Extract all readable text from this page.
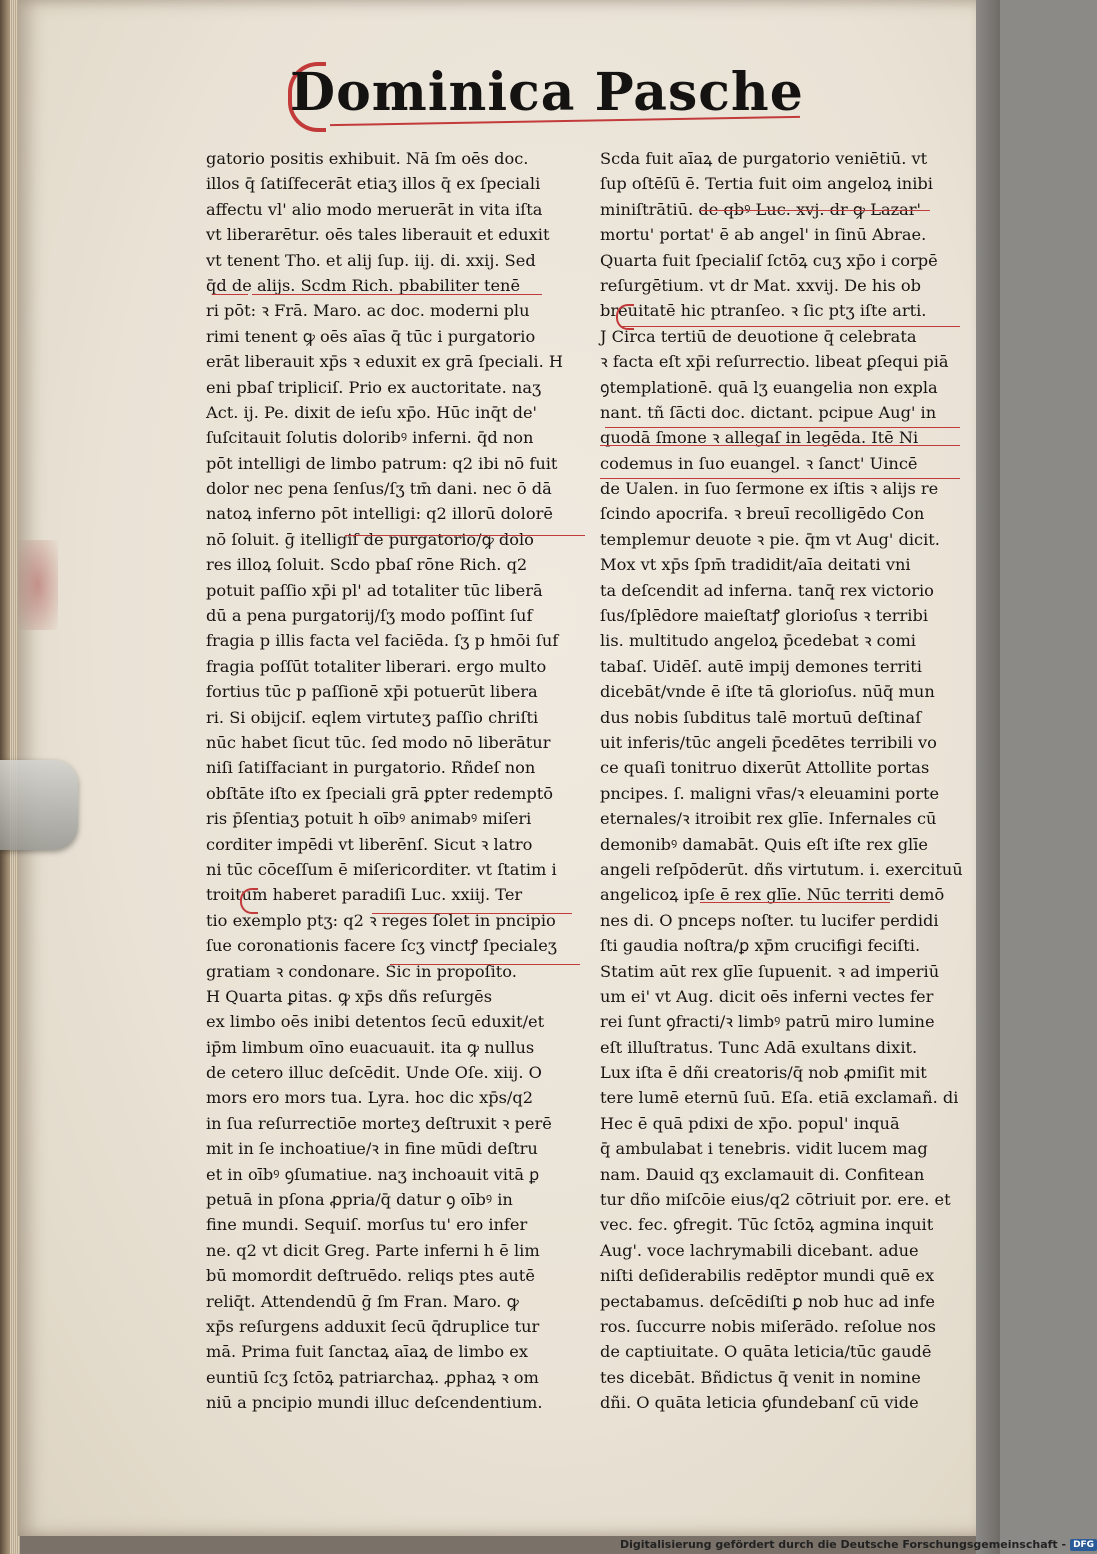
Dominica Pasche
gatorio positis exhibuit. Nā ſm oēs doc.
illos q̄ ſatiſfecerāt etiaʒ illos q̄ ex ſpeciali
affectu vl' alio modo meruerāt in vita iſta
vt liberarētur. oēs tales liberauit et eduxit
vt tenent Tho. et alij ſup. iij. di. xxij. Sed
q̄d de alijs. Scdm Rich. pbabiliter tenē
ri pōt: ꝛ Frā. Maro. ac doc. moderni plu
rimi tenent ꝙ oēs aīas q̄ tūc i purgatorio
erāt liberauit xp̄s ꝛ eduxit ex grā ſpeciali. H
eni pbaſ tripliciſ. Prio ex auctoritate. naʒ
Act. ij. Pe. dixit de ieſu xp̄o. Hūc inq̄t de'
ſuſcitauit ſolutis doloribꝰ inferni. q̄d non
pōt intelligi de limbo patrum: q2 ibi nō fuit
dolor nec pena ſenſus/ſʒ tm̄ dani. nec ō dā
natoꝝ inferno pōt intelligi: q2 illorū dolorē
nō ſoluit. ḡ itelligiſ de purgatorio/ꝙ dolo
res illoꝝ ſoluit. Scdo pbaſ rōne Rich. q2
potuit paſſio xp̄i pl' ad totaliter tūc liberā
dū a pena purgatorij/ſʒ modo poſſint ſuf
fragia p illis facta vel faciēda. ſʒ p hmōi ſuf
fragia poſſūt totaliter liberari. ergo multo
fortius tūc p paſſionē xp̄i potuerūt libera
ri. Si obijciſ. eqlem virtuteʒ paſſio chriſti
nūc habet ſicut tūc. ſed modo nō liberātur
niſi ſatiſfaciant in purgatorio. Rñdeſ non
obſtāte iſto ex ſpeciali grā ꝑpter redemptō
ris p̄ſentiaʒ potuit h oībꝰ animabꝰ miſeri
corditer impēdi vt liberēnſ. Sicut ꝛ latro
ni tūc cōceſſum ē miſericorditer. vt ſtatim i
troitum haberet paradiſi Luc. xxiij. Ter
tio exemplo ptʒ: q2 ꝛ reges ſolet in pncipio
ſue coronationis facere ſcʒ vinctꝭ ſpecialeʒ
gratiam ꝛ condonare. Sic in propoſito.
H Quarta ꝑitas. ꝙ xp̄s dñs reſurgēs
ex limbo oēs inibi detentos ſecū eduxit/et
ip̄m limbum oīno euacuauit. ita ꝙ nullus
de cetero illuc deſcēdit. Unde Oſe. xiij. O
mors ero mors tua. Lyra. hoc dic xp̄s/q2
in ſua reſurrectiōe morteʒ deſtruxit ꝛ perē
mit in ſe inchoatiue/ꝛ in fine mūdi deſtru
et in oībꝰ ꝯſumatiue. naʒ inchoauit vitā ꝑ
petuā in pſona ꝓpria/q̄ datur ꝯ oībꝰ in
fine mundi. Sequiſ. morſus tu' ero infer
ne. q2 vt dicit Greg. Parte inferni h ē lim
bū momordit deſtruēdo. reliqs ptes autē
reliq̄t. Attendendū ḡ ſm Fran. Maro. ꝙ
xp̄s reſurgens adduxit ſecū q̄druplice tur
mā. Prima fuit ſanctaꝝ aīaꝝ de limbo ex
euntiū ſcʒ ſctōꝝ patriarchaꝝ. ꝓphaꝝ ꝛ om
niū a pncipio mundi illuc deſcendentium.
Scda fuit aīaꝝ de purgatorio veniētiū. vt
ſup oſtēſū ē. Tertia fuit oim angeloꝝ inibi
miniſtrātiū. de qbꝰ Luc. xvj. dr ꝙ Lazar'
mortu' portat' ē ab angel' in ſinū Abrae.
Quarta fuit ſpecialiſ ſctōꝝ cuʒ xp̄o i corpē
reſurgētium. vt dr Mat. xxvij. De his ob
breuitatē hic ptranſeo. ꝛ ſic ptʒ iſte arti.
J Circa tertiū de deuotione q̄ celebrata
ꝛ facta eſt xp̄i reſurrectio. libeat ꝑſequi piā
ꝯtemplationē. quā lʒ euangelia non expla
nant. tñ ſācti doc. dictant. pcipue Aug' in
quodā ſmone ꝛ allegaſ in legēda. Itē Ni
codemus in ſuo euangel. ꝛ ſanct' Uincē
de Ualen. in ſuo ſermone ex iſtis ꝛ alijs re
ſcindo apocrifa. ꝛ breuī recolligēdo Con
templemur deuote ꝛ pie. q̄m vt Aug' dicit.
Mox vt xp̄s ſpm̄ tradidit/aīa deitati vni
ta deſcendit ad inferna. tanq̄ rex victorio
ſus/ſplēdore maieſtatꝭ glorioſus ꝛ terribi
lis. multitudo angeloꝝ p̄cedebat ꝛ comi
tabaſ. Uidēſ. autē impij demones territi
dicebāt/vnde ē iſte tā glorioſus. nūq̄ mun
dus nobis ſubditus talē mortuū deſtinaſ
uit inferis/tūc angeli p̄cedētes terribili vo
ce quaſi tonitruo dixerūt Attollite portas
pncipes. ſ. maligni vr̄as/ꝛ eleuamini porte
eternales/ꝛ itroibit rex glīe. Infernales cū
demonibꝰ damabāt. Quis eſt iſte rex glīe
angeli reſpōderūt. dñs virtutum. i. exercituū
angelicoꝝ ipſe ē rex glīe. Nūc territi demō
nes di. O pnceps noſter. tu lucifer perdidi
ſti gaudia noſtra/ꝑ xp̄m crucifigi feciſti.
Statim aūt rex glīe ſupuenit. ꝛ ad imperiū
um ei' vt Aug. dicit oēs inferni vectes fer
rei ſunt ꝯfracti/ꝛ limbꝰ patrū miro lumine
eſt illuſtratus. Tunc Adā exultans dixit.
Lux iſta ē dñi creatoris/q̄ nob ꝓmiſit mit
tere lumē eternū ſuū. Eſa. etiā exclamañ. di
Hec ē quā pdixi de xp̄o. popul' inquā
q̄ ambulabat i tenebris. vidit lucem mag
nam. Dauid qʒ exclamauit di. Confitean
tur dño miſcōie eius/q2 cōtriuit por. ere. et
vec. fec. ꝯfregit. Tūc ſctōꝝ agmina inquit
Aug'. voce lachrymabili dicebant. adue
niſti deſiderabilis redēptor mundi quē ex
pectabamus. deſcēdiſti ꝑ nob huc ad infe
ros. ſuccurre nobis miſerādo. reſolue nos
de captiuitate. O quāta leticia/tūc gaudē
tes dicebāt. Bñdictus q̄ venit in nomine
dñi. O quāta leticia ꝯfundebanſ cū vide
Digitalisierung gefördert durch die Deutsche Forschungsgemeinschaft - DFG
